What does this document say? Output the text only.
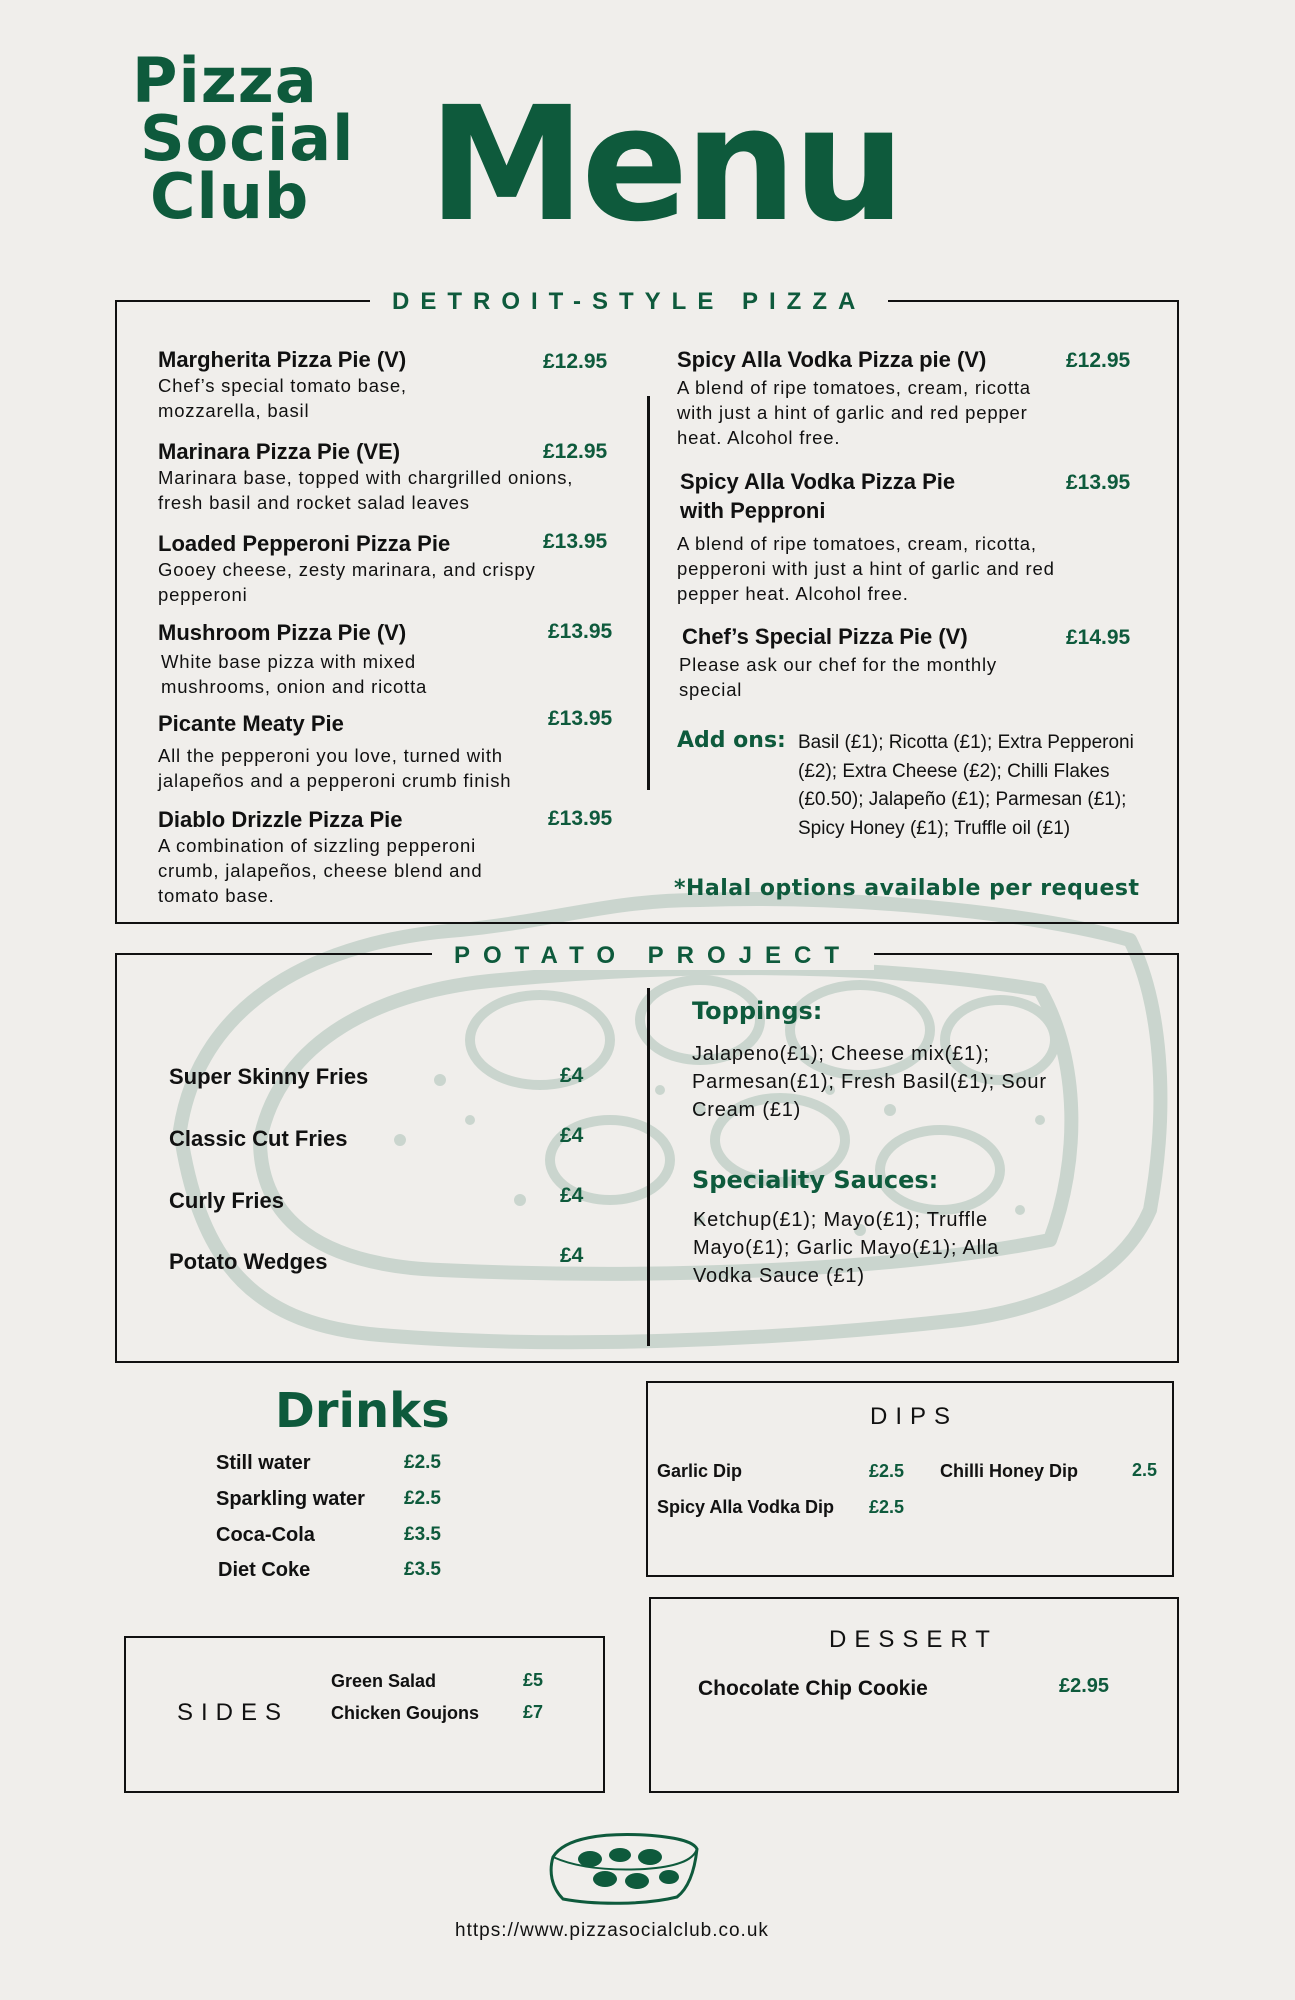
Pizza
Social
Club Menu
DETROIT-STYLE PIZZA
Margherita Pizza Pie (V)
Chef’s special tomato base, mozzarella, basil
£12.95
Marinara Pizza Pie (VE)
Marinara base, topped with chargrilled onions, fresh basil and rocket salad leaves
£12.95
Loaded Pepperoni Pizza Pie
Gooey cheese, zesty marinara, and crispy pepperoni
£13.95
Mushroom Pizza Pie (V)
White base pizza with mixed mushrooms, onion and ricotta
£13.95
Picante Meaty Pie
All the pepperoni you love, turned with jalapeños and a pepperoni crumb finish
£13.95
Diablo Drizzle Pizza Pie
A combination of sizzling pepperoni crumb, jalapeños, cheese blend and tomato base.
£13.95
Spicy Alla Vodka Pizza pie (V)
A blend of ripe tomatoes, cream, ricotta with just a hint of garlic and red pepper heat. Alcohol free.
£12.95
Spicy Alla Vodka Pizza Pie with Pepproni
A blend of ripe tomatoes, cream, ricotta, pepperoni with just a hint of garlic and red pepper heat. Alcohol free.
£13.95
Chef’s Special Pizza Pie (V)
Please ask our chef for the monthly special
£14.95
Add ons: Basil (£1); Ricotta (£1); Extra Pepperoni (£2); Extra Cheese (£2); Chilli Flakes (£0.50); Jalapeño (£1); Parmesan (£1); Spicy Honey (£1); Truffle oil (£1)
*Halal options available per request
POTATO PROJECT
Super Skinny Fries	£4
Classic Cut Fries	£4
Curly Fries	£4
Potato Wedges	£4
Toppings:
Jalapeno(£1); Cheese mix(£1); Parmesan(£1); Fresh Basil(£1); Sour Cream (£1)
Speciality Sauces:
Ketchup(£1); Mayo(£1); Truffle Mayo(£1); Garlic Mayo(£1); Alla Vodka Sauce (£1)
Drinks
Still water	£2.5
Sparkling water £2.5
Coca-Cola	£3.5
Diet Coke	£3.5
DIPS
Garlic Dip	£2.5 Chilli Honey Dip	2.5
Spicy Alla Vodka Dip £2.5
SIDES
Green Salad	£5
Chicken Goujons £7
DESSERT
Chocolate Chip Cookie	£2.95
https://www.pizzasocialclub.co.uk
